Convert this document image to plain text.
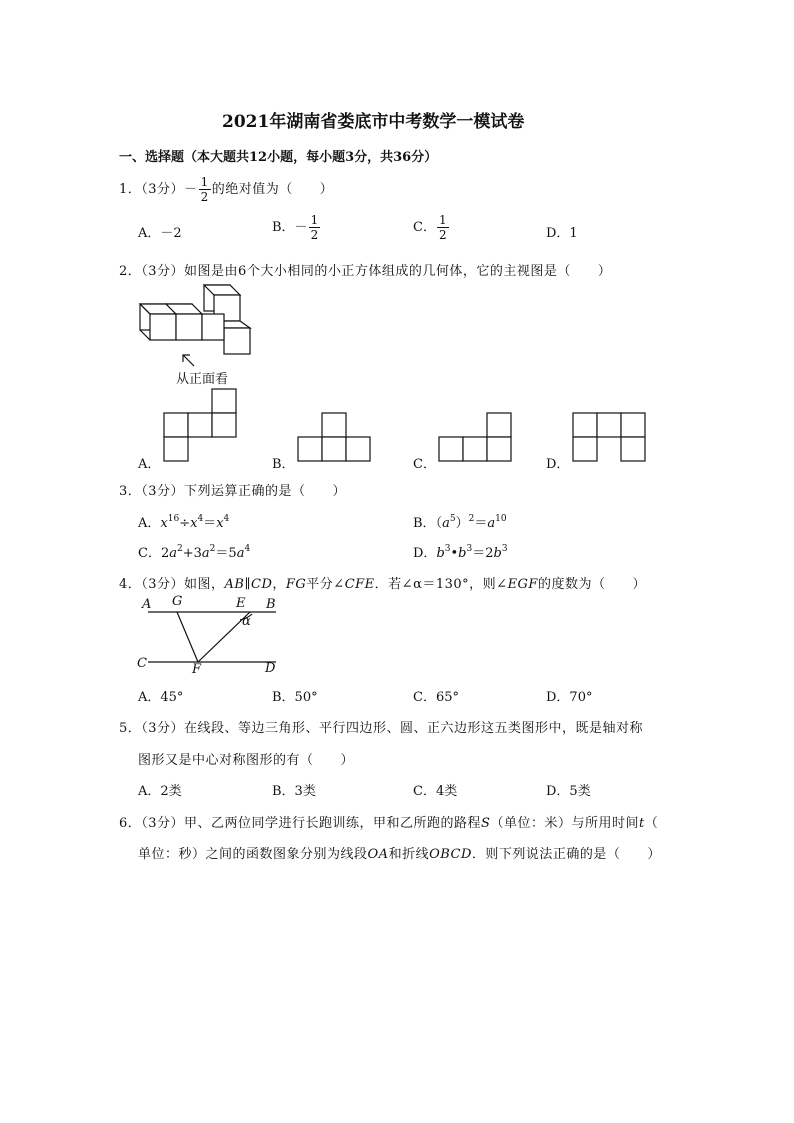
2021年湖南省娄底市中考数学一模试卷
一、选择题（本大题共12小题，每小题3分，共36分）
1．（3分）－ $\frac{1}{2}$ 的绝对值为（　　）
A．－2	B．－ $\frac{1}{2}$	C． $\frac{1}{2}$	D．1
2．（3分）如图是由6个大小相同的小正方体组成的几何体，它的主视图是（　　）
从正面看
A．	B．	C．	D．
3．（3分）下列运算正确的是（　　）
A．$x^{16}\div x^4=x^4$	B．$(a^5)^2=a^{10}$
C．$2a^2+3a^2=5a^4$	D．$b^3•b^3=2b^3$
4．（3分）如图，AB∥CD，FG平分∠CFE．若∠α＝130°，则∠EGF的度数为（　　）
A G	E B
α
C	F	D
A．45°	B．50°	C．65°	D．70°
5．（3分）在线段、等边三角形、平行四边形、圆、正六边形这五类图形中，既是轴对称
图形又是中心对称图形的有（　　）
A．2类	B．3类	C．4类	D．5类
6．（3分）甲、乙两位同学进行长跑训练，甲和乙所跑的路程S（单位：米）与所用时间t（
单位：秒）之间的函数图象分别为线段OA和折线OBCD．则下列说法正确的是（　　）
